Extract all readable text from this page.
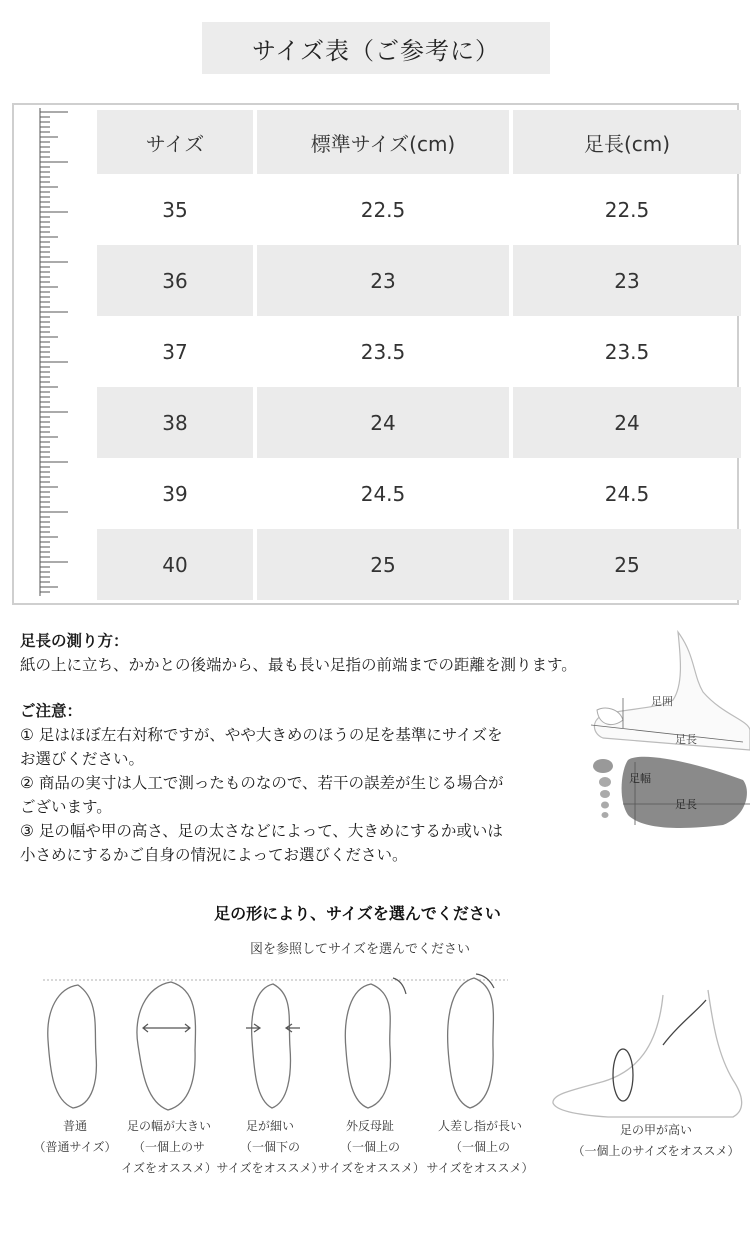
サイズ表（ご参考に）
サイズ	標準サイズ(cm)	足長(cm)
35	22.5	22.5
36	23	23
37	23.5	23.5
38	24	24
39	24.5	24.5
40	25	25
足長の測り方：
紙の上に立ち、かかとの後端から、最も長い足指の前端までの距離を測ります。
ご注意：
① 足はほぼ左右対称ですが、やや大きめのほうの足を基準にサイズを
お選びください。
② 商品の実寸は人工で測ったものなので、若干の誤差が生じる場合が
ございます。
③ 足の幅や甲の高さ、足の太さなどによって、大きめにするか或いは
小さめにするかご自身の情況によってお選びください。
足囲
足長
足幅
足長
足の形により、サイズを選んでください
図を参照してサイズを選んでください
普通
（普通サイズ）
足の幅が大きい
（一個上のサ
イズをオススメ）
足が細い
（一個下の
サイズをオススメ）
外反母趾
（一個上の
サイズをオススメ）
人差し指が長い
（一個上の
サイズをオススメ）
足の甲が高い
（一個上のサイズをオススメ）
